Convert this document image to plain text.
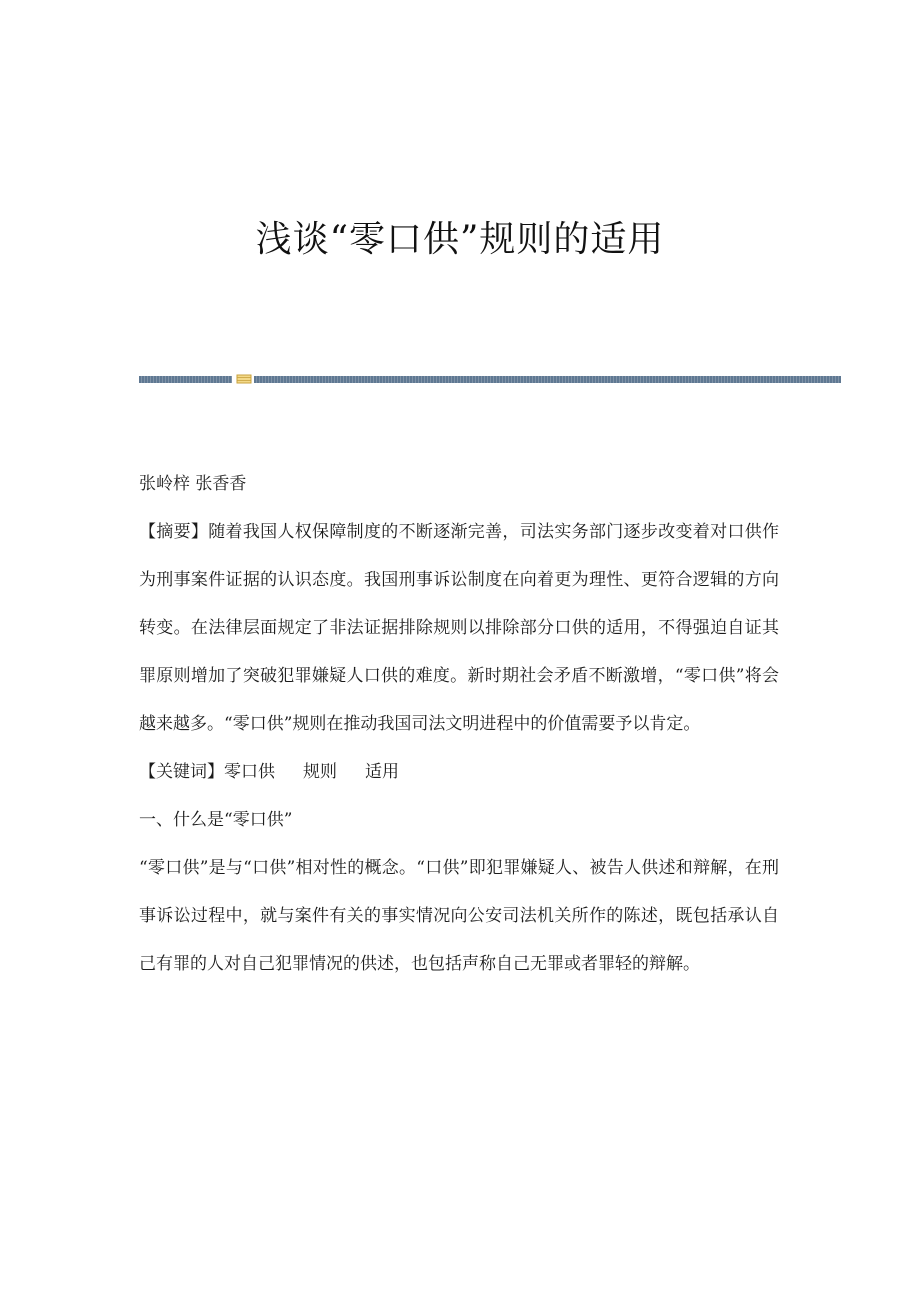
浅谈“零口供”规则的适用

张岭梓 张香香

【摘要】随着我国人权保障制度的不断逐渐完善，司法实务部门逐步改变着对口供作为刑事案件证据的认识态度。我国刑事诉讼制度在向着更为理性、更符合逻辑的方向转变。在法律层面规定了非法证据排除规则以排除部分口供的适用，不得强迫自证其罪原则增加了突破犯罪嫌疑人口供的难度。新时期社会矛盾不断激增，“零口供”将会越来越多。“零口供”规则在推动我国司法文明进程中的价值需要予以肯定。

【关键词】零口供 规则 适用

一、什么是“零口供”

“零口供”是与“口供”相对性的概念。“口供”即犯罪嫌疑人、被告人供述和辩解，在刑事诉讼过程中，就与案件有关的事实情况向公安司法机关所作的陈述，既包括承认自己有罪的人对自己犯罪情况的供述，也包括声称自己无罪或者罪轻的辩解。
